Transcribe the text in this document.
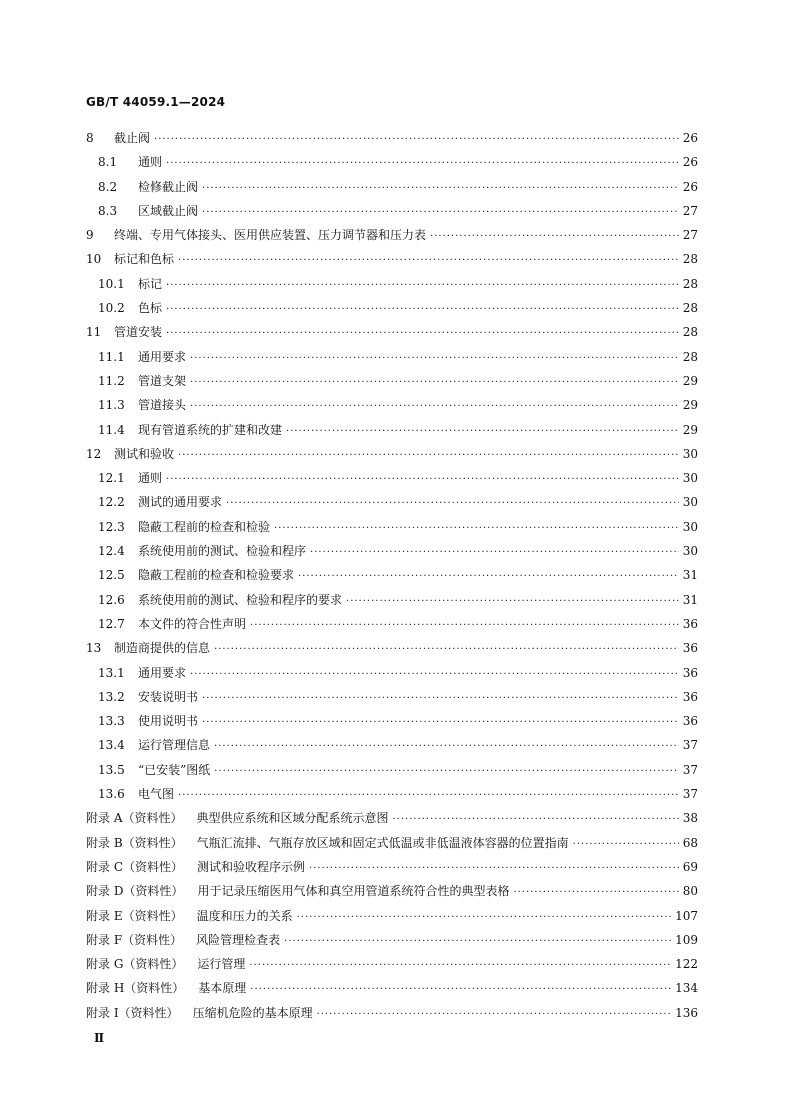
GB/T 44059.1—2024
8	截止阀 ·····	26
8.1	通则 ·····	26
8.2	检修截止阀 ·····	26
8.3	区域截止阀 ·····	27
9	终端、专用气体接头、医用供应装置、压力调节器和压力表 ·····	27
10	标记和色标 ·····	28
10.1	标记 ·····	28
10.2	色标 ·····	28
11	管道安装 ·····	28
11.1	通用要求 ·····	28
11.2	管道支架 ·····	29
11.3	管道接头 ·····	29
11.4	现有管道系统的扩建和改建 ·····	29
12	测试和验收 ·····	30
12.1	通则 ·····	30
12.2	测试的通用要求 ·····	30
12.3	隐蔽工程前的检查和检验 ·····	30
12.4	系统使用前的测试、检验和程序 ·····	30
12.5	隐蔽工程前的检查和检验要求 ·····	31
12.6	系统使用前的测试、检验和程序的要求 ·····	31
12.7	本文件的符合性声明 ·····	36
13	制造商提供的信息 ·····	36
13.1	通用要求 ·····	36
13.2	安装说明书 ·····	36
13.3	使用说明书 ·····	36
13.4	运行管理信息 ·····	37
13.5	“已安装”图纸 ·····	37
13.6	电气图 ·····	37
附录 A（资料性）	典型供应系统和区域分配系统示意图 ·····	38
附录 B（资料性）	气瓶汇流排、气瓶存放区域和固定式低温或非低温液体容器的位置指南 ·····	68
附录 C（资料性）	测试和验收程序示例 ·····	69
附录 D（资料性）	用于记录压缩医用气体和真空用管道系统符合性的典型表格 ·····	80
附录 E（资料性）	温度和压力的关系 ·····	107
附录 F（资料性）	风险管理检查表 ·····	109
附录 G（资料性）	运行管理 ·····	122
附录 H（资料性）	基本原理 ·····	134
附录 I（资料性）	压缩机危险的基本原理 ·····	136
Ⅱ
